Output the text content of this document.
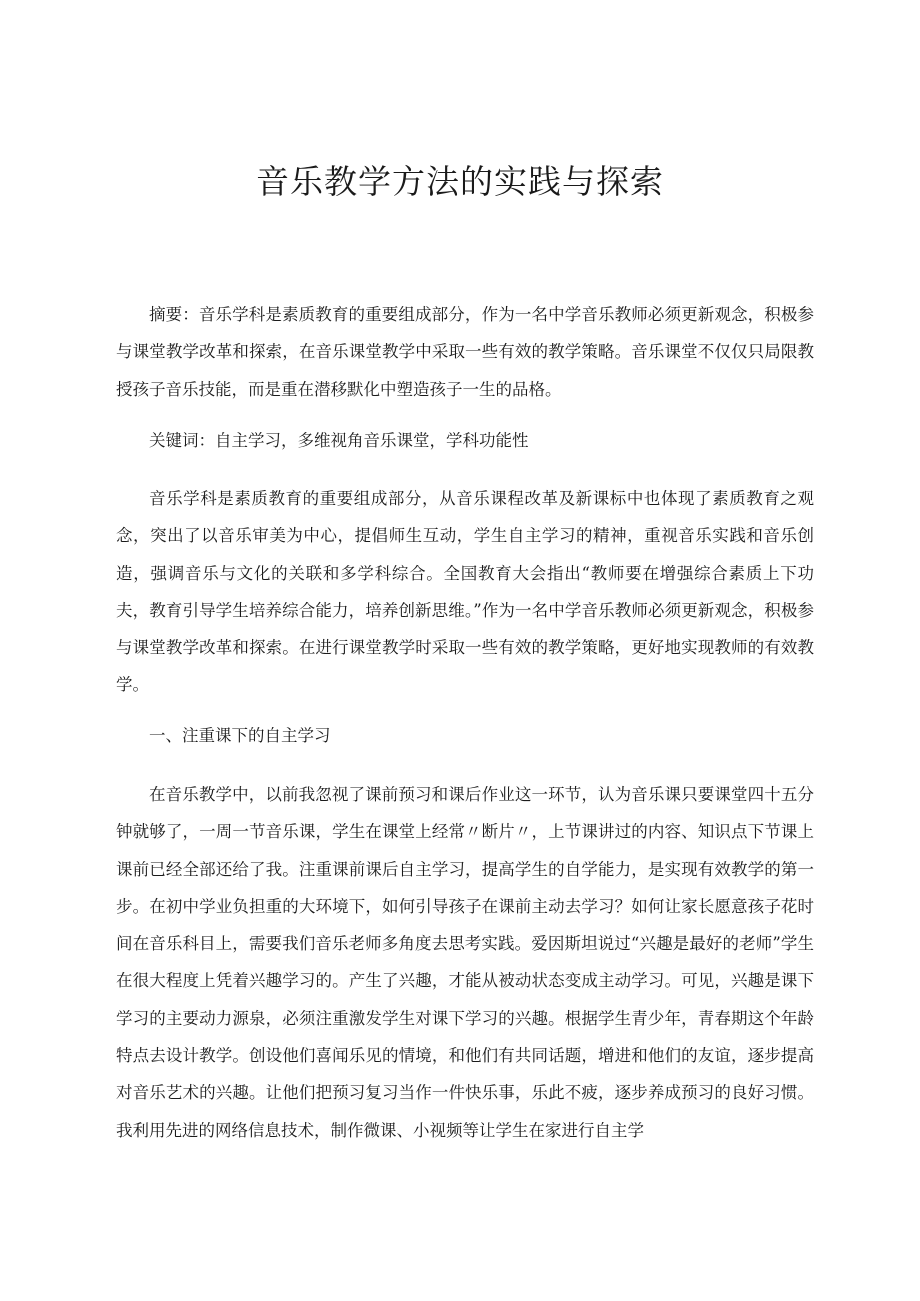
音乐教学方法的实践与探索

摘要：音乐学科是素质教育的重要组成部分，作为一名中学音乐教师必须更新观念，积极参与课堂教学改革和探索，在音乐课堂教学中采取一些有效的教学策略。音乐课堂不仅仅只局限教授孩子音乐技能，而是重在潜移默化中塑造孩子一生的品格。

关键词：自主学习，多维视角音乐课堂，学科功能性

音乐学科是素质教育的重要组成部分，从音乐课程改革及新课标中也体现了素质教育之观念，突出了以音乐审美为中心，提倡师生互动，学生自主学习的精神，重视音乐实践和音乐创造，强调音乐与文化的关联和多学科综合。全国教育大会指出“教师要在增强综合素质上下功夫，教育引导学生培养综合能力，培养创新思维。”作为一名中学音乐教师必须更新观念，积极参与课堂教学改革和探索。在进行课堂教学时采取一些有效的教学策略，更好地实现教师的有效教学。

一、注重课下的自主学习

在音乐教学中，以前我忽视了课前预习和课后作业这一环节，认为音乐课只要课堂四十五分钟就够了，一周一节音乐课，学生在课堂上经常〃断片〃，上节课讲过的内容、知识点下节课上课前已经全部还给了我。注重课前课后自主学习，提高学生的自学能力，是实现有效教学的第一步。在初中学业负担重的大环境下，如何引导孩子在课前主动去学习？如何让家长愿意孩子花时间在音乐科目上，需要我们音乐老师多角度去思考实践。爱因斯坦说过“兴趣是最好的老师”学生在很大程度上凭着兴趣学习的。产生了兴趣，才能从被动状态变成主动学习。可见，兴趣是课下学习的主要动力源泉，必须注重激发学生对课下学习的兴趣。根据学生青少年，青春期这个年龄特点去设计教学。创设他们喜闻乐见的情境，和他们有共同话题，增进和他们的友谊，逐步提高对音乐艺术的兴趣。让他们把预习复习当作一件快乐事，乐此不疲，逐步养成预习的良好习惯。我利用先进的网络信息技术，制作微课、小视频等让学生在家进行自主学
